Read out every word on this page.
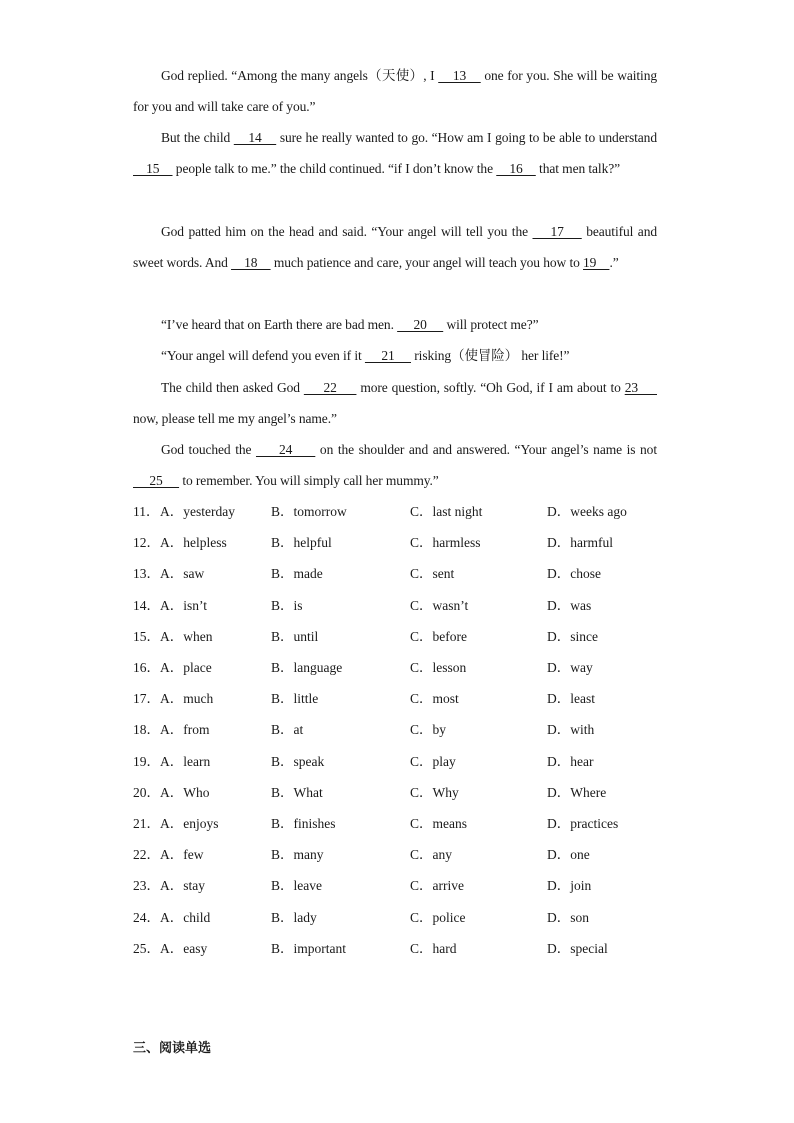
God replied. “Among the many angels（天使）, I     13     one for you. She will be waiting for you and will take care of you.”

But the child     14     sure he really wanted to go. “How am I going to be able to understand     15     people talk to me.” the child continued. “if I don’t know the     16     that men talk?”

God patted him on the head and said. “Your angel will tell you the     17     beautiful and sweet words. And     18     much patience and care, your angel will teach you how to 19    .”

“I’ve heard that on Earth there are bad men.      20      will protect me?”

“Your angel will defend you even if it      21      risking（使冒险） her life!”

The child then asked God      22      more question, softly. “Oh God, if I am about to 23      now, please tell me my angel’s name.”

God touched the      24      on the shoulder and and answered. “Your angel’s name is not      25      to remember. You will simply call her mummy.”

11． A．yesterday	B．tomorrow	C．last night	D．weeks ago
12． A．helpless	B．helpful	C．harmless	D．harmful
13． A．saw	B．made	C．sent	D．chose
14． A．isn’t	B．is	C．wasn’t	D．was
15． A．when	B．until	C．before	D．since
16． A．place	B．language	C．lesson	D．way
17． A．much	B．little	C．most	D．least
18． A．from	B．at	C．by	D．with
19． A．learn	B．speak	C．play	D．hear
20． A．Who	B．What	C．Why	D．Where
21． A．enjoys	B．finishes	C．means	D．practices
22． A．few	B．many	C．any	D．one
23． A．stay	B．leave	C．arrive	D．join
24． A．child	B．lady	C．police	D．son
25． A．easy	B．important	C．hard	D．special
三、阅读单选
